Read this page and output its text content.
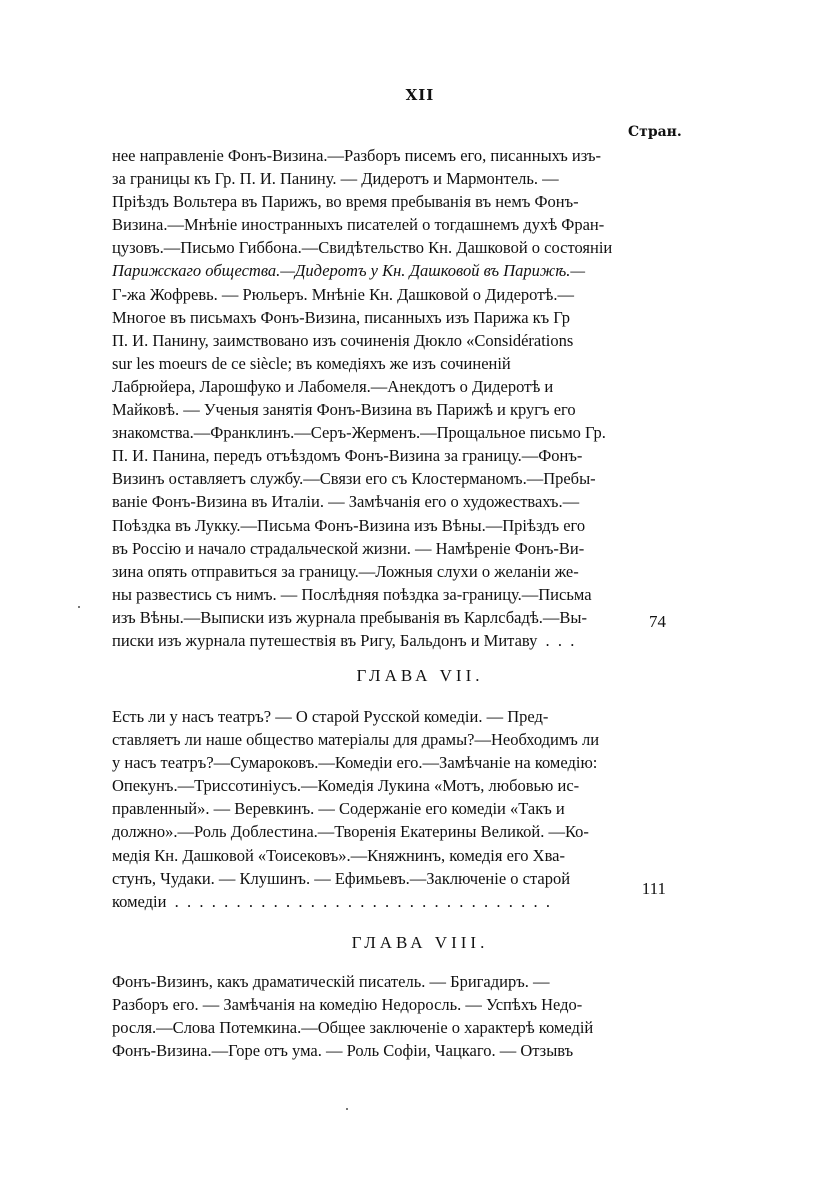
XII
Стран.
нее направленіе Фонъ-Визина.—Разборъ писемъ его, писанныхъ изъ-
за границы къ Гр. П. И. Панину. — Дидеротъ и Мармонтель. —
Пріѣздъ Вольтера въ Парижъ, во время пребыванія въ немъ Фонъ-
Визина.—Мнѣніе иностранныхъ писателей о тогдашнемъ духѣ Фран-
цузовъ.—Письмо Гиббона.—Свидѣтельство Кн. Дашковой о состояніи
Парижскаго общества.—Дидеротъ у Кн. Дашковой въ Парижѣ.—
Г-жа Жофревь. — Рюльеръ. Мнѣніе Кн. Дашковой о Дидеротѣ.—
Многое въ письмахъ Фонъ-Визина, писанныхъ изъ Парижа къ Гр
П. И. Панину, заимствовано изъ сочиненія Дюкло «Considérations
sur les moeurs de ce siècle; въ комедіяхъ же изъ сочиненій
Лабрюйера, Ларошфуко и Лабомеля.—Анекдотъ о Дидеротѣ и
Майковѣ. — Ученыя занятія Фонъ-Визина въ Парижѣ и кругъ его
знакомства.—Франклинъ.—Серъ-Жерменъ.—Прощальное письмо Гр.
П. И. Панина, передъ отъѣздомъ Фонъ-Визина за границу.—Фонъ-
Визинъ оставляетъ службу.—Связи его съ Клостерманомъ.—Пребы-
ваніе Фонъ-Визина въ Италіи. — Замѣчанія его о художествахъ.—
Поѣздка въ Лукку.—Письма Фонъ-Визина изъ Вѣны.—Пріѣздъ его
въ Россію и начало страдальческой жизни. — Намѣреніе Фонъ-Ви-
зина опять отправиться за границу.—Ложныя слухи о желаніи же-
ны развестись съ нимъ. — Послѣдняя поѣздка за-границу.—Письма
изъ Вѣны.—Выписки изъ журнала пребыванія въ Карлсбадѣ.—Вы-
писки изъ журнала путешествія въ Ригу, Бальдонъ и Митаву .  .  .
74
ГЛАВА VII.
Есть ли у насъ театръ? — О старой Русской комедіи. — Пред-
ставляетъ ли наше общество матеріалы для драмы?—Необходимъ ли
у насъ театръ?—Сумароковъ.—Комедіи его.—Замѣчаніе на комедію:
Опекунъ.—Триссотиніусъ.—Комедія Лукина «Мотъ, любовью ис-
правленный». — Веревкинъ. — Содержаніе его комедіи «Такъ и
должно».—Роль Доблестина.—Творенія Екатерины Великой. —Ко-
медія Кн. Дашковой «Тоисековъ».—Княжнинъ, комедія его Хва-
стунъ, Чудаки. — Клушинъ. — Ефимьевъ.—Заключеніе о старой
комедіи .  .  .  .  .  .  .  .  .  .  .  .  .  .  .  .  .  .  .  .  .  .  .  .  .  .  .  .  .  .  .
111
ГЛАВА VIII.
Фонъ-Визинъ, какъ драматическій писатель. — Бригадиръ. —
Разборъ его. — Замѣчанія на комедію Недоросль. — Успѣхъ Недо-
росля.—Слова Потемкина.—Общее заключеніе о характерѣ комедій
Фонъ-Визина.—Горе отъ ума. — Роль Софіи, Чацкаго. — Отзывъ
